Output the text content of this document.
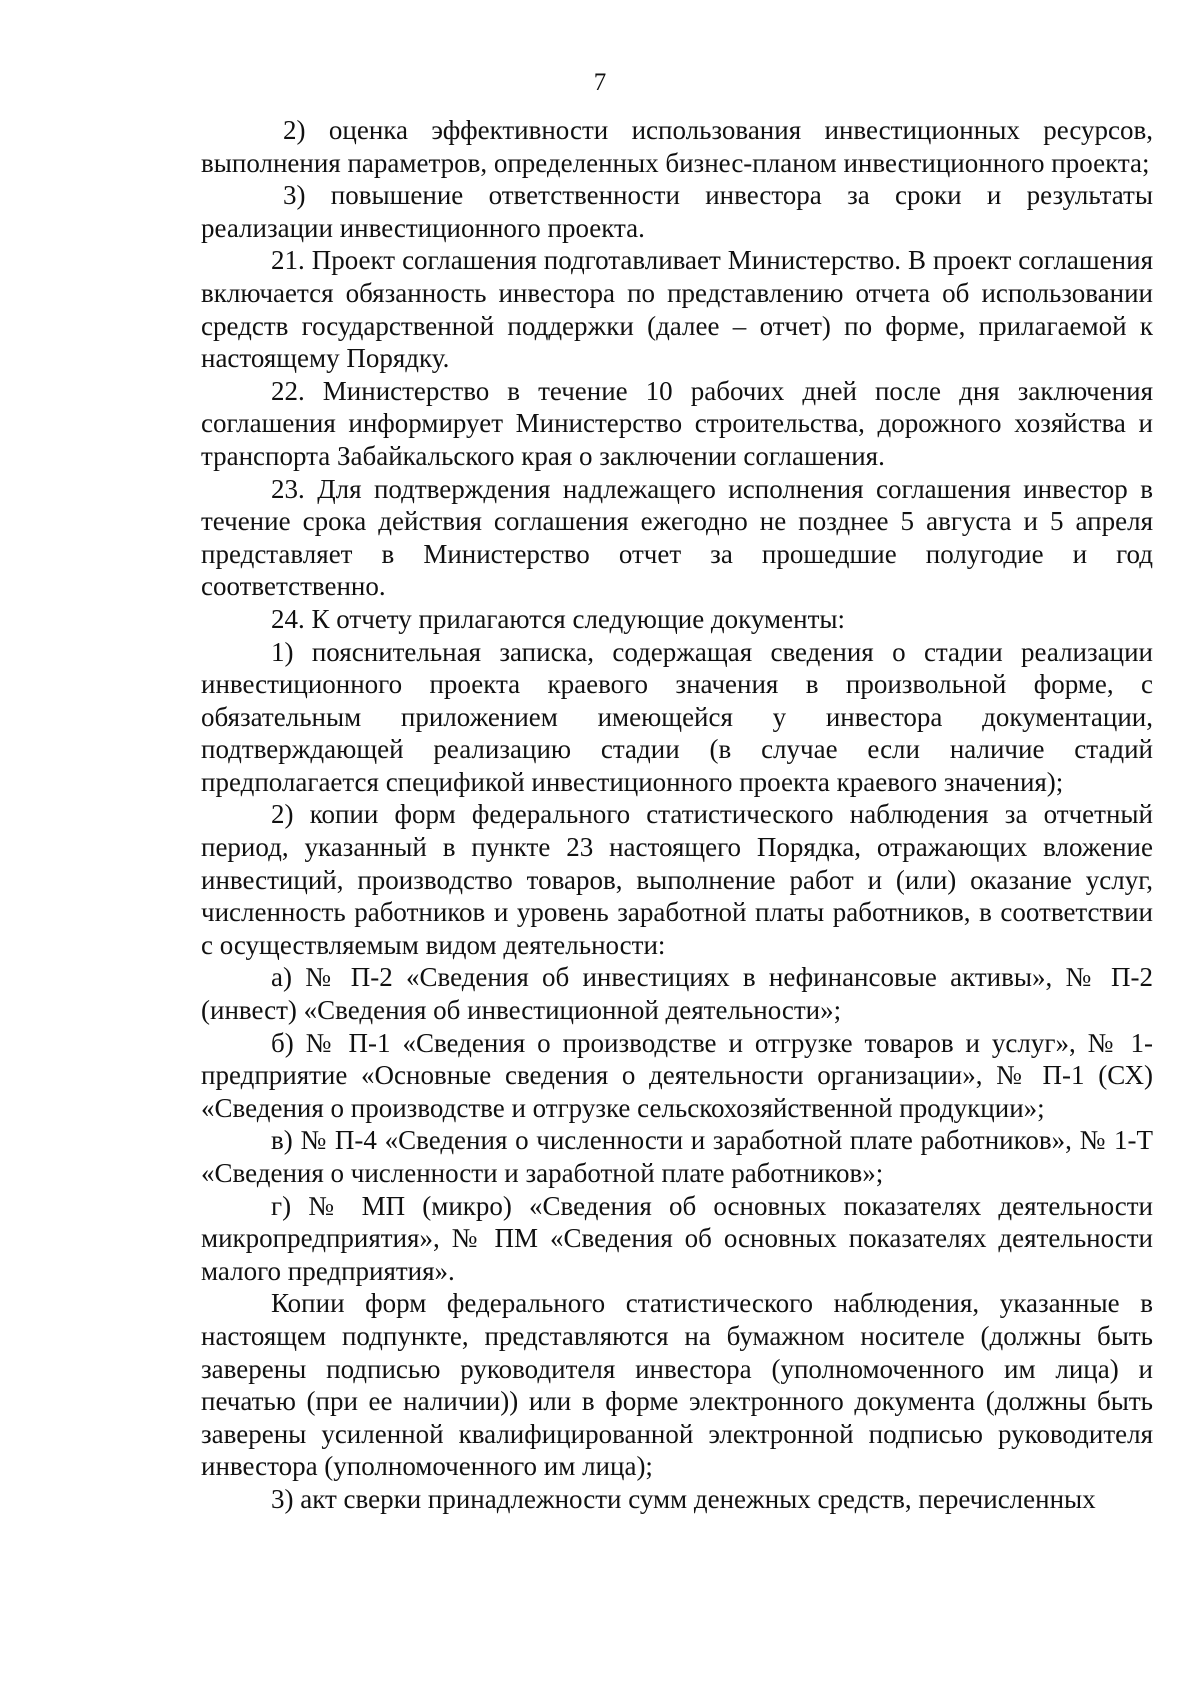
7

2) оценка эффективности использования инвестиционных ресурсов, выполнения параметров, определенных бизнес-планом инвестиционного проекта;

3) повышение ответственности инвестора за сроки и результаты реализации инвестиционного проекта.

21. Проект соглашения подготавливает Министерство. В проект соглашения включается обязанность инвестора по представлению отчета об использовании средств государственной поддержки (далее – отчет) по форме, прилагаемой к настоящему Порядку.

22. Министерство в течение 10 рабочих дней после дня заключения соглашения информирует Министерство строительства, дорожного хозяйства и транспорта Забайкальского края о заключении соглашения.

23. Для подтверждения надлежащего исполнения соглашения инвестор в течение срока действия соглашения ежегодно не позднее 5 августа и 5 апреля представляет в Министерство отчет за прошедшие полугодие и год соответственно.

24. К отчету прилагаются следующие документы:

1) пояснительная записка, содержащая сведения о стадии реализации инвестиционного проекта краевого значения в произвольной форме, с обязательным приложением имеющейся у инвестора документации, подтверждающей реализацию стадии (в случае если наличие стадий предполагается спецификой инвестиционного проекта краевого значения);

2) копии форм федерального статистического наблюдения за отчетный период, указанный в пункте 23 настоящего Порядка, отражающих вложение инвестиций, производство товаров, выполнение работ и (или) оказание услуг, численность работников и уровень заработной платы работников, в соответствии с осуществляемым видом деятельности:

а) № П-2 «Сведения об инвестициях в нефинансовые активы», № П-2 (инвест) «Сведения об инвестиционной деятельности»;

б) № П-1 «Сведения о производстве и отгрузке товаров и услуг», № 1-предприятие «Основные сведения о деятельности организации», № П-1 (СХ) «Сведения о производстве и отгрузке сельскохозяйственной продукции»;

в) № П-4 «Сведения о численности и заработной плате работников», № 1-Т «Сведения о численности и заработной плате работников»;

г) № МП (микро) «Сведения об основных показателях деятельности микропредприятия», № ПМ «Сведения об основных показателях деятельности малого предприятия».

Копии форм федерального статистического наблюдения, указанные в настоящем подпункте, представляются на бумажном носителе (должны быть заверены подписью руководителя инвестора (уполномоченного им лица) и печатью (при ее наличии)) или в форме электронного документа (должны быть заверены усиленной квалифицированной электронной подписью руководителя инвестора (уполномоченного им лица);

3) акт сверки принадлежности сумм денежных средств, перечисленных
